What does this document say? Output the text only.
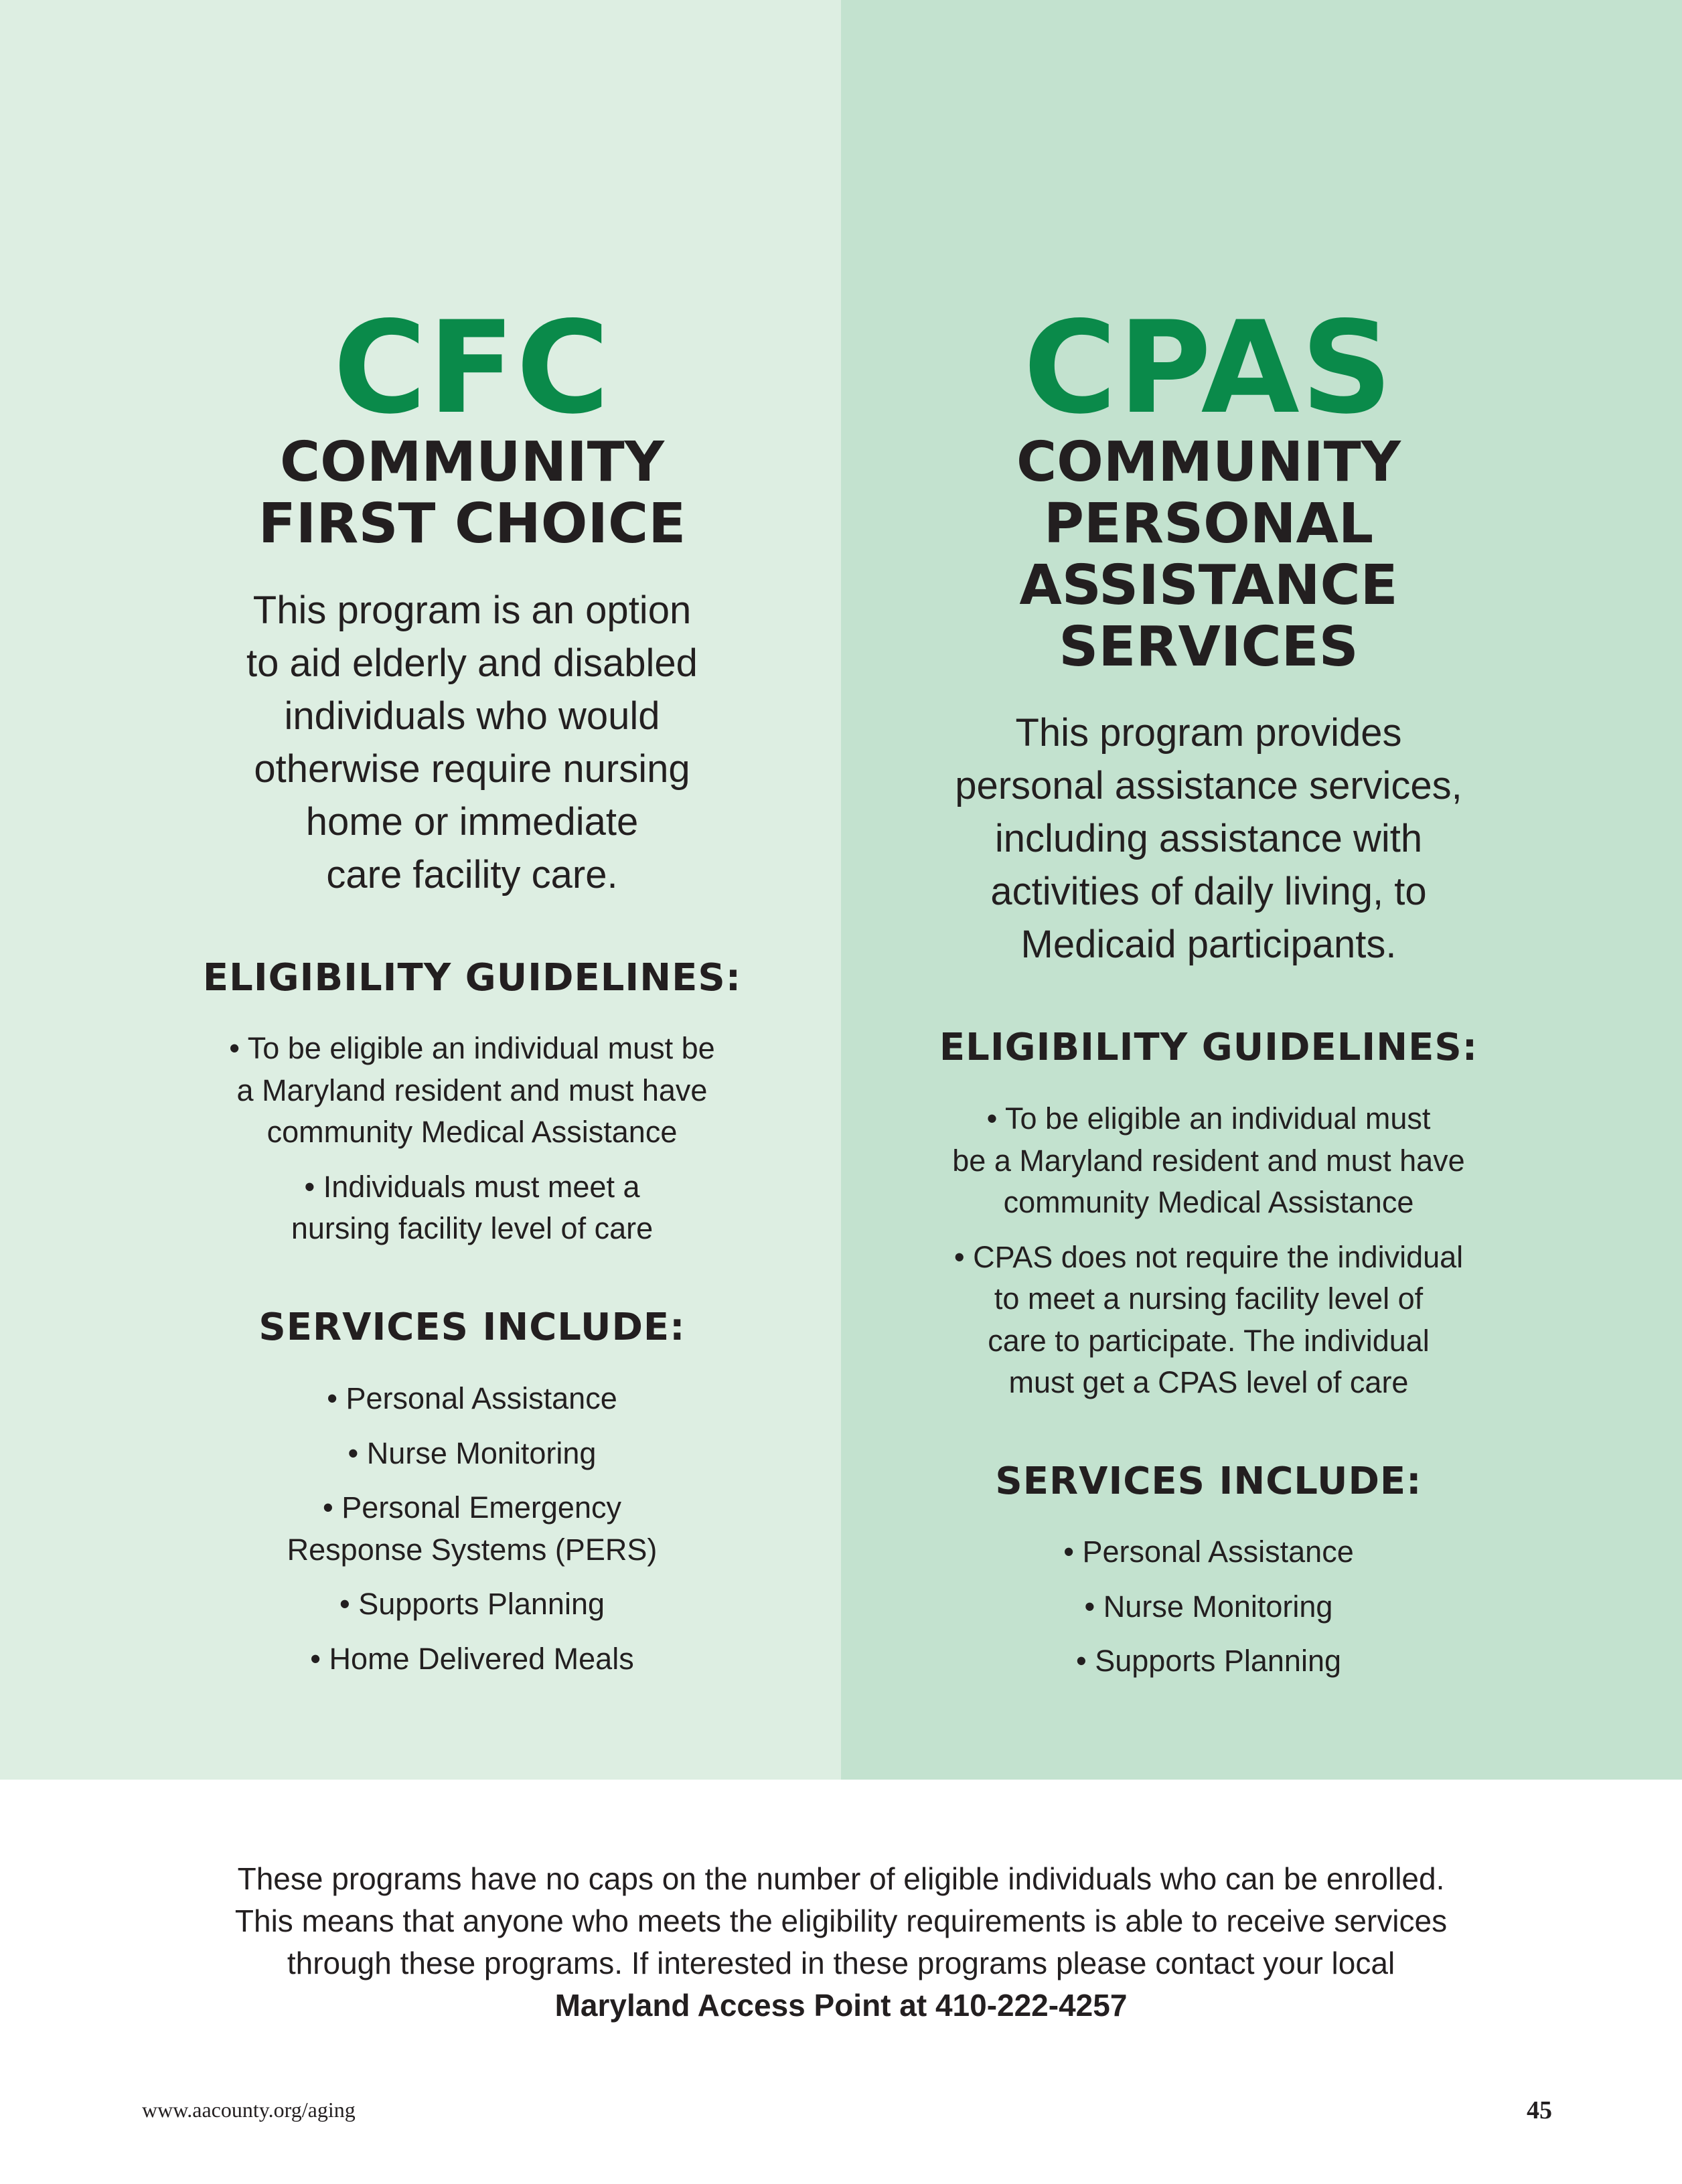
CFC
COMMUNITY
FIRST CHOICE
This program is an option
to aid elderly and disabled
individuals who would
otherwise require nursing
home or immediate
care facility care.
ELIGIBILITY GUIDELINES:
• To be eligible an individual must be
a Maryland resident and must have
community Medical Assistance
• Individuals must meet a
nursing facility level of care
SERVICES INCLUDE:
• Personal Assistance
• Nurse Monitoring
• Personal Emergency
Response Systems (PERS)
• Supports Planning
• Home Delivered Meals
CPAS
COMMUNITY
PERSONAL
ASSISTANCE
SERVICES
This program provides
personal assistance services,
including assistance with
activities of daily living, to
Medicaid participants.
ELIGIBILITY GUIDELINES:
• To be eligible an individual must
be a Maryland resident and must have
community Medical Assistance
• CPAS does not require the individual
to meet a nursing facility level of
care to participate. The individual
must get a CPAS level of care
SERVICES INCLUDE:
• Personal Assistance
• Nurse Monitoring
• Supports Planning
These programs have no caps on the number of eligible individuals who can be enrolled.
This means that anyone who meets the eligibility requirements is able to receive services
through these programs. If interested in these programs please contact your local
Maryland Access Point at 410-222-4257
www.aacounty.org/aging	45
